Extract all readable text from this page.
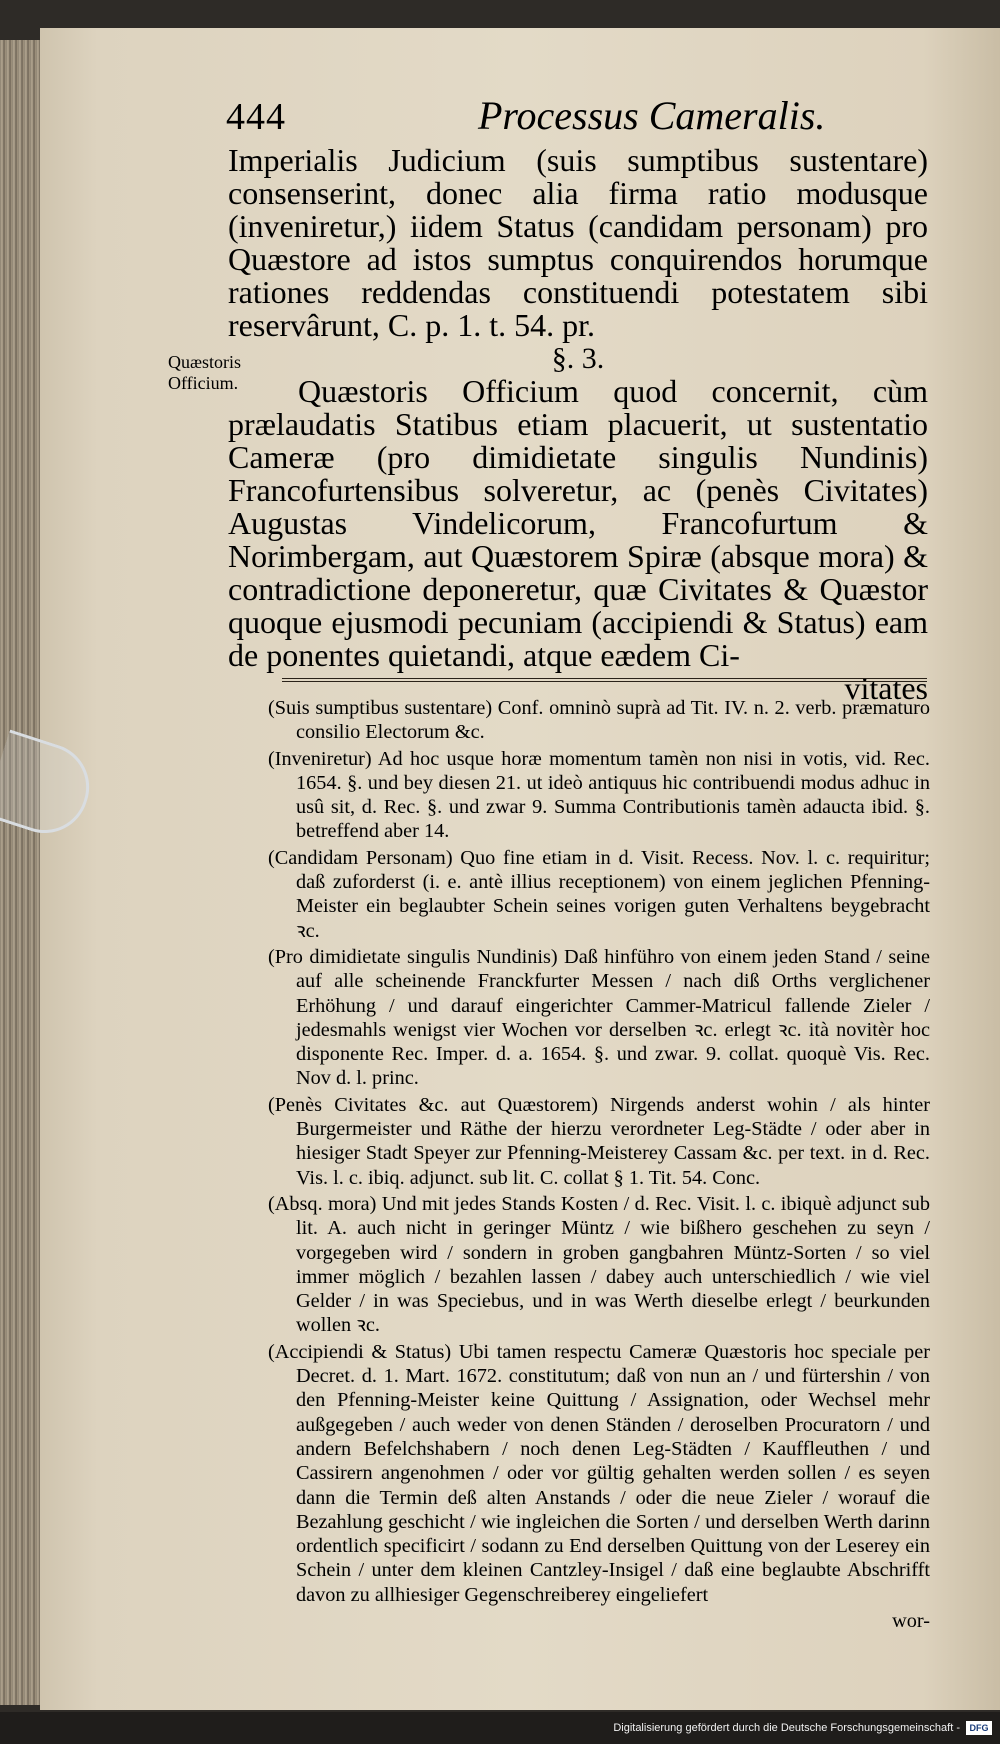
444	Processus Cameralis.

Imperialis Judicium (suis sumptibus sustentare) consenserint, donec alia firma ratio modusque (inveniretur,) iidem Status (candidam personam) pro Quæstore ad istos sumptus conquirendos horumque rationes reddendas constituendi potestatem sibi reservârunt, C. p. 1. t. 54. pr.

§. 3.

Quæstoris Officium quod concernit, cùm prælaudatis Statibus etiam placuerit, ut sustentatio Cameræ (pro dimidietate singulis Nundinis) Francofurtensibus solveretur, ac (penès Civitates) Augustas Vindelicorum, Francofurtum & Norimbergam, aut Quæstorem Spiræ (absque mora) & contradictione deponeretur, quæ Civitates & Quæstor quoque ejusmodi pecuniam (accipiendi & Status) eam de ponentes quietandi, atque eædem Ci-

vitates

Quæstoris Officium.

(Suis sumptibus sustentare) Conf. omninò suprà ad Tit. IV. n. 2. verb. præmaturo consilio Electorum &c.

(Inveniretur) Ad hoc usque horæ momentum tamèn non nisi in votis, vid. Rec. 1654. §. und bey diesen 21. ut ideò antiquus hic contribuendi modus adhuc in usû sit, d. Rec. §. und zwar 9. Summa Contributionis tamèn adaucta ibid. §. betreffend aber 14.

(Candidam Personam) Quo fine etiam in d. Visit. Recess. Nov. l. c. requiritur; daß zuforderst (i. e. antè illius receptionem) von einem jeglichen Pfenning-Meister ein beglaubter Schein seines vorigen guten Verhaltens beygebracht ꝛc.

(Pro dimidietate singulis Nundinis) Daß hinführo von einem jeden Stand / seine auf alle scheinende Franckfurter Messen / nach diß Orths verglichener Erhöhung / und darauf eingerichter Cammer-Matricul fallende Zieler / jedesmahls wenigst vier Wochen vor derselben ꝛc. erlegt ꝛc. ità novitèr hoc disponente Rec. Imper. d. a. 1654. §. und zwar. 9. collat. quoquè Vis. Rec. Nov d. l. princ.

(Penès Civitates &c. aut Quæstorem) Nirgends anderst wohin / als hinter Burgermeister und Räthe der hierzu verordneter Leg-Städte / oder aber in hiesiger Stadt Speyer zur Pfenning-Meisterey Cassam &c. per text. in d. Rec. Vis. l. c. ibiq. adjunct. sub lit. C. collat § 1. Tit. 54. Conc.

(Absq. mora) Und mit jedes Stands Kosten / d. Rec. Visit. l. c. ibiquè adjunct sub lit. A. auch nicht in geringer Müntz / wie bißhero geschehen zu seyn / vorgegeben wird / sondern in groben gangbahren Müntz-Sorten / so viel immer möglich / bezahlen lassen / dabey auch unterschiedlich / wie viel Gelder / in was Speciebus, und in was Werth dieselbe erlegt / beurkunden wollen ꝛc.

(Accipiendi & Status) Ubi tamen respectu Cameræ Quæstoris hoc speciale per Decret. d. 1. Mart. 1672. constitutum; daß von nun an / und fürtershin / von den Pfenning-Meister keine Quittung / Assignation, oder Wechsel mehr außgegeben / auch weder von denen Ständen / deroselben Procuratorn / und andern Befelchshabern / noch denen Leg-Städten / Kauffleuthen / und Cassirern angenohmen / oder vor gültig gehalten werden sollen / es seyen dann die Termin deß alten Anstands / oder die neue Zieler / worauf die Bezahlung geschicht / wie ingleichen die Sorten / und derselben Werth darinn ordentlich specificirt / sodann zu End derselben Quittung von der Leserey ein Schein / unter dem kleinen Cantzley-Insigel / daß eine beglaubte Abschrifft davon zu allhiesiger Gegenschreiberey eingeliefert

wor-

Digitalisierung gefördert durch die Deutsche Forschungsgemeinschaft -	DFG
